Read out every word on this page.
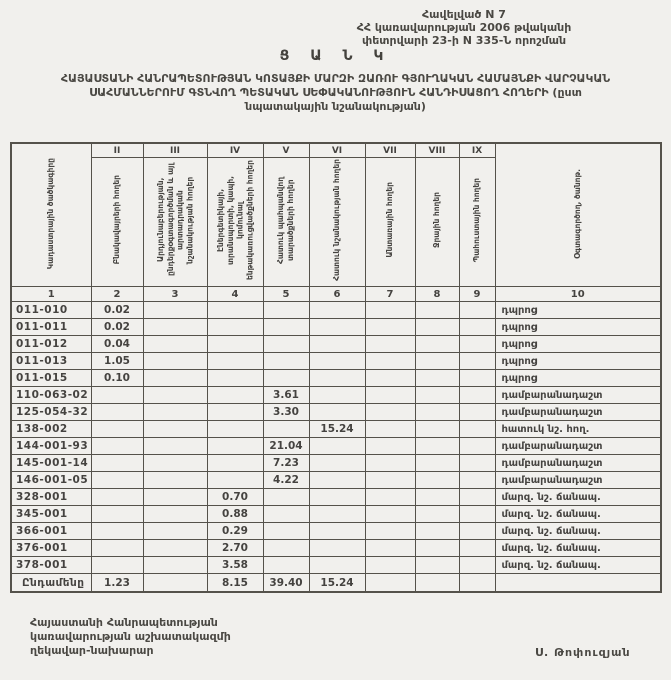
Հավելված N 7
ՀՀ կառավարության 2006 թվականի
փետրվարի 23-ի N 335-Ն որոշման
Ց Ա Ն Կ
ՀԱՅԱՍՏԱՆԻ ՀԱՆՐԱՊԵՏՈՒԹՅԱՆ ԿՈՏԱՅՔԻ ՄԱՐԶԻ ԶԱՌՈՒ ԳՅՈՒՂԱԿԱՆ ՀԱՄԱՅՆՔԻ ՎԱՐՉԱԿԱՆ
ՍԱՀՄԱՆՆԵՐՈՒՄ ԳՏՆՎՈՂ ՊԵՏԱԿԱՆ ՍԵՓԱԿԱՆՈՒԹՅՈՒՆ ՀԱՆԴԻՍԱՑՈՂ ՀՈՂԵՐԻ (ըստ
նպատակային նշանակության)
Կադաստրային ծածկագիրը	II	III	IV	V	VI	VII	VIII	IX	Օգտագործող, ծանոթ.
	Բնակավայրերի հողեր	Արդյունաբերության, ընդերքօգտագործման և այլ արտադրական նշանակության հողեր	Էներգետիկայի, տրանսպորտի, կապի, կոմունալ ենթակառուցվածքների հողեր	Հատուկ պահպանվող տարածքների հողեր	Հատուկ նշանակության հողեր	Անտառային հողեր	Ջրային հողեր	Պահուստային հողեր	
1	2	3	4	5	6	7	8	9	10
011-010	0.02								դպրոց
011-011	0.02								դպրոց
011-012	0.04								դպրոց
011-013	1.05								դպրոց
011-015	0.10								դպրոց
110-063-02				3.61					դամբարանադաշտ
125-054-32				3.30					դամբարանադաշտ
138-002					15.24				հատուկ նշ. հող.
144-001-93				21.04					դամբարանադաշտ
145-001-14				7.23					դամբարանադաշտ
146-001-05				4.22					դամբարանադաշտ
328-001			0.70						մարզ. նշ. ճանապ.
345-001			0.88						մարզ. նշ. ճանապ.
366-001			0.29						մարզ. նշ. ճանապ.
376-001			2.70						մարզ. նշ. ճանապ.
378-001			3.58						մարզ. նշ. ճանապ.
Ընդամենը	1.23		8.15	39.40	15.24				
Հայաստանի Հանրապետության
կառավարության աշխատակազմի
ղեկավար-նախարար	Ս. Թոփուզյան
